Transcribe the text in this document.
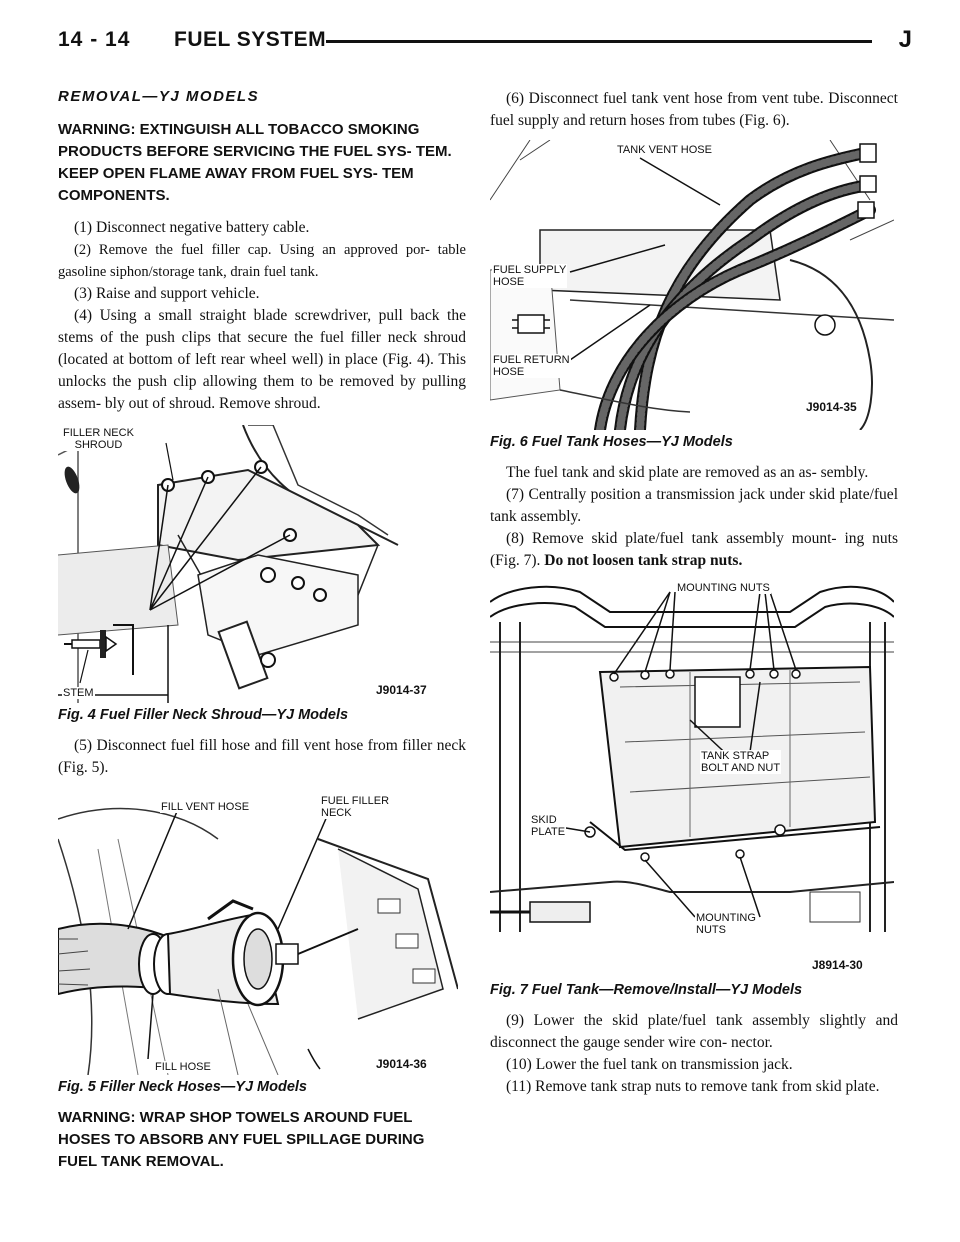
14 - 14 FUEL SYSTEM	J
REMOVAL—YJ MODELS
WARNING: EXTINGUISH ALL TOBACCO SMOKING PRODUCTS BEFORE SERVICING THE FUEL SYS- TEM. KEEP OPEN FLAME AWAY FROM FUEL SYS- TEM COMPONENTS.

(1) Disconnect negative battery cable.

(2) Remove the fuel filler cap. Using an approved por- table gasoline siphon/storage tank, drain fuel tank.

(3) Raise and support vehicle.

(4) Using a small straight blade screwdriver, pull back the stems of the push clips that secure the fuel filler neck shroud (located at bottom of left rear wheel well) in place (Fig. 4). This unlocks the push clip allowing them to be removed by pulling assem- bly out of shroud. Remove shroud.

FILLER NECK
SHROUD
STEM	J9014-37
Fig. 4 Fuel Filler Neck Shroud—YJ Models

(5) Disconnect fuel fill hose and fill vent hose from filler neck (Fig. 5).

FILL VENT HOSE	FUEL FILLER
NECK
FILL HOSE	J9014-36
Fig. 5 Filler Neck Hoses—YJ Models
WARNING: WRAP SHOP TOWELS AROUND FUEL HOSES TO ABSORB ANY FUEL SPILLAGE DURING FUEL TANK REMOVAL.

(6) Disconnect fuel tank vent hose from vent tube. Disconnect fuel supply and return hoses from tubes (Fig. 6).

TANK VENT HOSE
FUEL SUPPLY
HOSE
FUEL RETURN
HOSE
J9014-35
Fig. 6 Fuel Tank Hoses—YJ Models

The fuel tank and skid plate are removed as an as- sembly.

(7) Centrally position a transmission jack under skid plate/fuel tank assembly.

(8) Remove skid plate/fuel tank assembly mount- ing nuts (Fig. 7). Do not loosen tank strap nuts.

MOUNTING NUTS
TANK STRAP
BOLT AND NUT
SKID
PLATE
MOUNTING
NUTS
J8914-30
Fig. 7 Fuel Tank—Remove/Install—YJ Models

(9) Lower the skid plate/fuel tank assembly slightly and disconnect the gauge sender wire con- nector.

(10) Lower the fuel tank on transmission jack.

(11) Remove tank strap nuts to remove tank from skid plate.
